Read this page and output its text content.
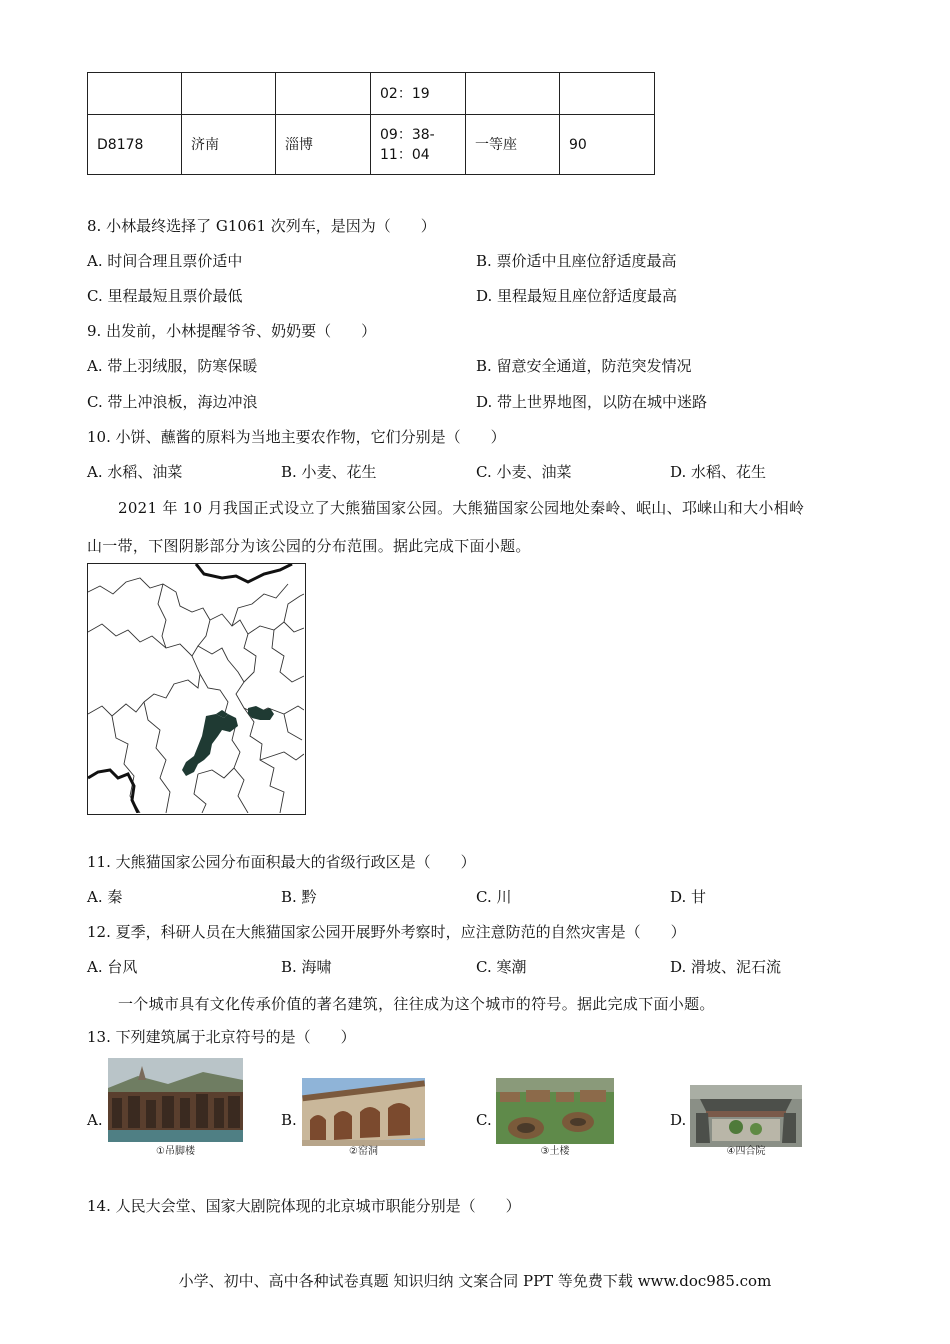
			02：19		
D8178	济南	淄博	09：38-
11：04	一等座	90
8. 小林最终选择了 G1061 次列车，是因为（　　）
A. 时间合理且票价适中	B. 票价适中且座位舒适度最高
C. 里程最短且票价最低	D. 里程最短且座位舒适度最高
9. 出发前，小林提醒爷爷、奶奶要（　　）
A. 带上羽绒服，防寒保暖	B. 留意安全通道，防范突发情况
C. 带上冲浪板，海边冲浪	D. 带上世界地图，以防在城中迷路
10. 小饼、蘸酱的原料为当地主要农作物，它们分别是（　　）
A. 水稻、油菜	B. 小麦、花生	C. 小麦、油菜	D. 水稻、花生
2021 年 10 月我国正式设立了大熊猫国家公园。大熊猫国家公园地处秦岭、岷山、邛崃山和大小相岭
山一带，下图阴影部分为该公园的分布范围。据此完成下面小题。
11. 大熊猫国家公园分布面积最大的省级行政区是（　　）
A. 秦	B. 黔	C. 川	D. 甘
12. 夏季，科研人员在大熊猫国家公园开展野外考察时，应注意防范的自然灾害是（　　）
A. 台风	B. 海啸	C. 寒潮	D. 滑坡、泥石流
一个城市具有文化传承价值的著名建筑，往往成为这个城市的符号。据此完成下面小题。
13. 下列建筑属于北京符号的是（　　）
A.
①吊脚楼
B.
②窑洞
C.
③土楼
D.
④四合院
14. 人民大会堂、国家大剧院体现的北京城市职能分别是（　　）
小学、初中、高中各种试卷真题 知识归纳 文案合同 PPT 等免费下载 www.doc985.com
